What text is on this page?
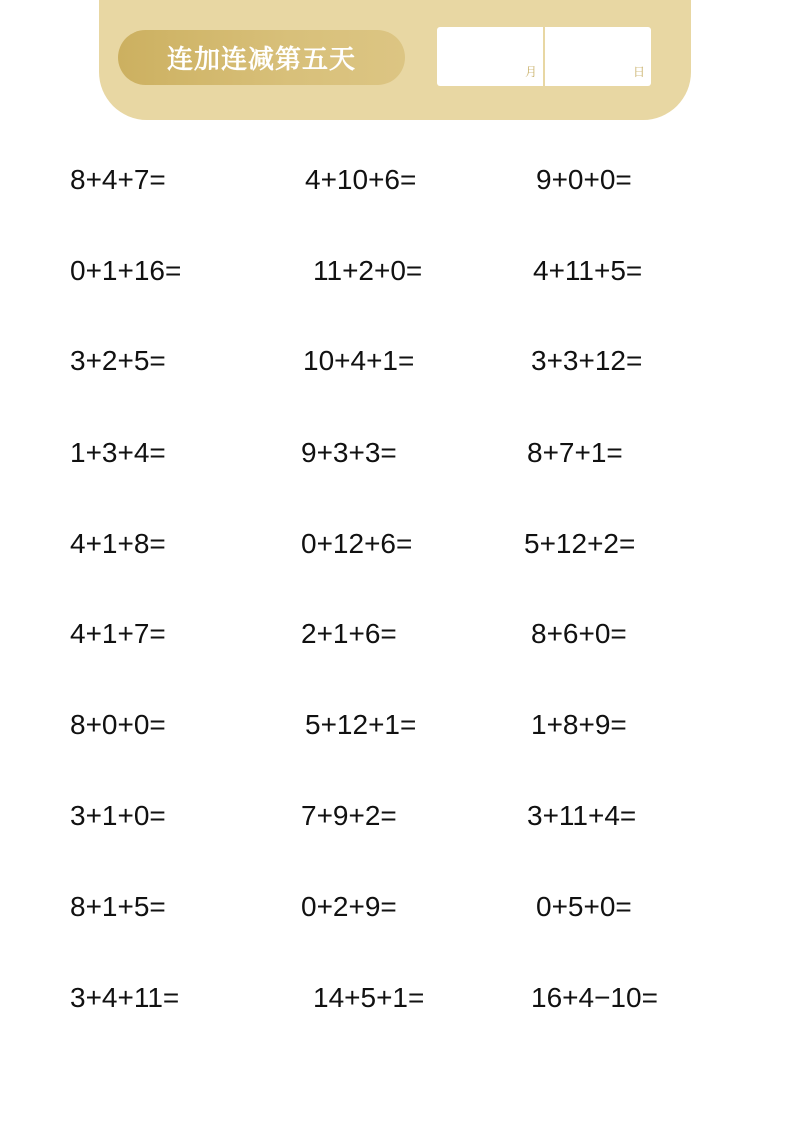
连加连减第五天	月	日
8+4+7=	4+10+6=	9+0+0=
0+1+16=	11+2+0=	4+11+5=
3+2+5=	10+4+1=	3+3+12=
1+3+4=	9+3+3=	8+7+1=
4+1+8=	0+12+6=	5+12+2=
4+1+7=	2+1+6=	8+6+0=
8+0+0=	5+12+1=	1+8+9=
3+1+0=	7+9+2=	3+11+4=
8+1+5=	0+2+9=	0+5+0=
3+4+11=	14+5+1=	16+4−10=
